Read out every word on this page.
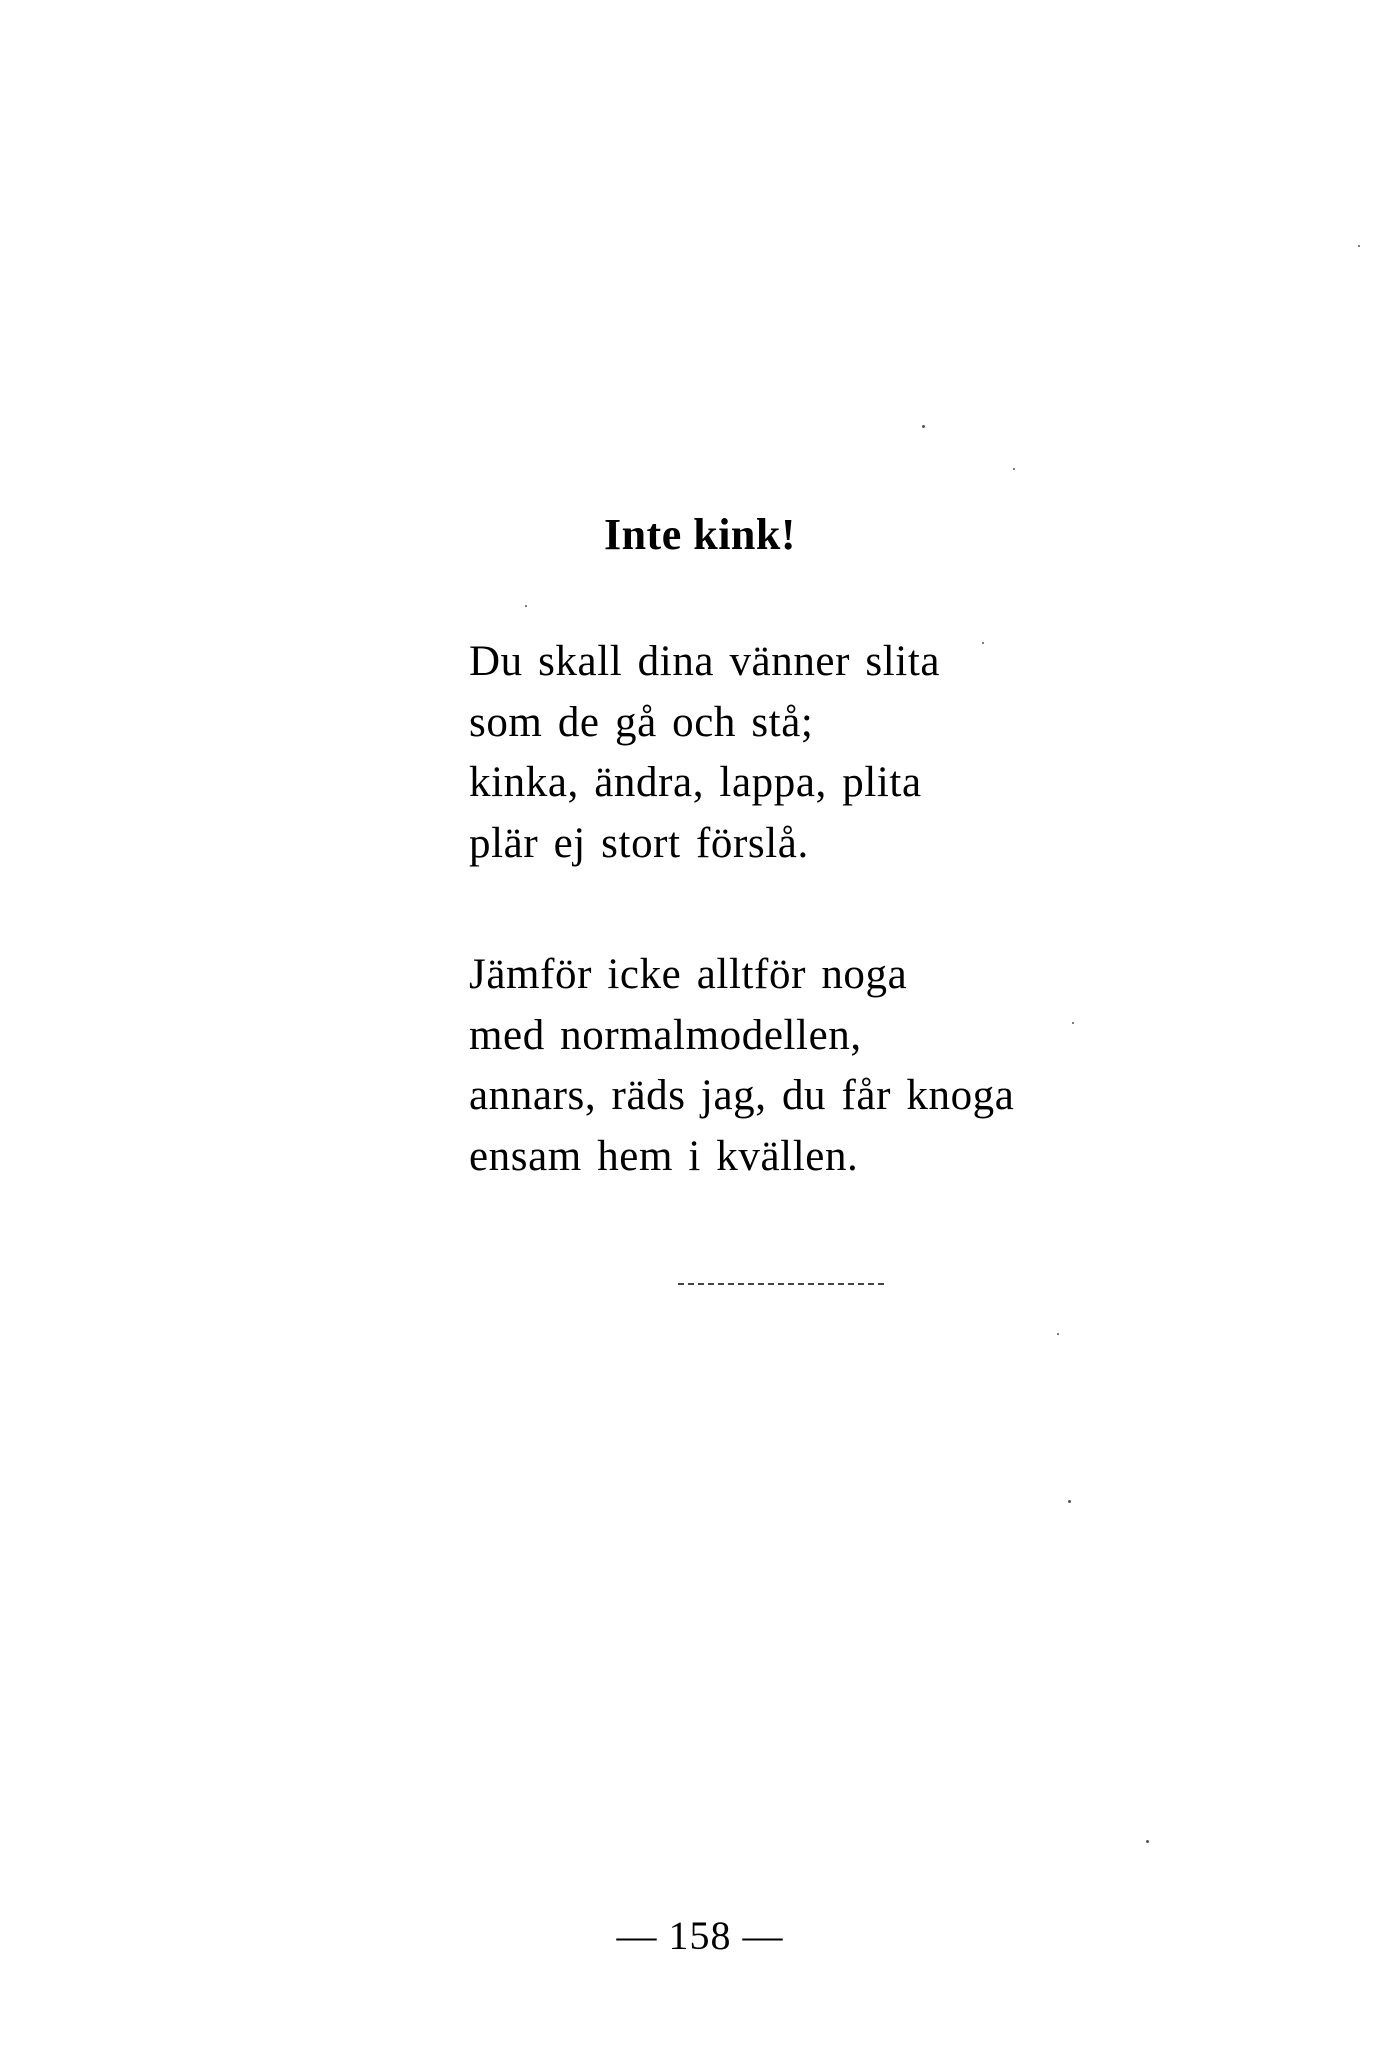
Inte kink!
Du skall dina vänner slita
som de gå och stå;
kinka, ändra, lappa, plita
plär ej stort förslå.
Jämför icke alltför noga
med normalmodellen,
annars, räds jag, du får knoga
ensam hem i kvällen.
— 158 —
